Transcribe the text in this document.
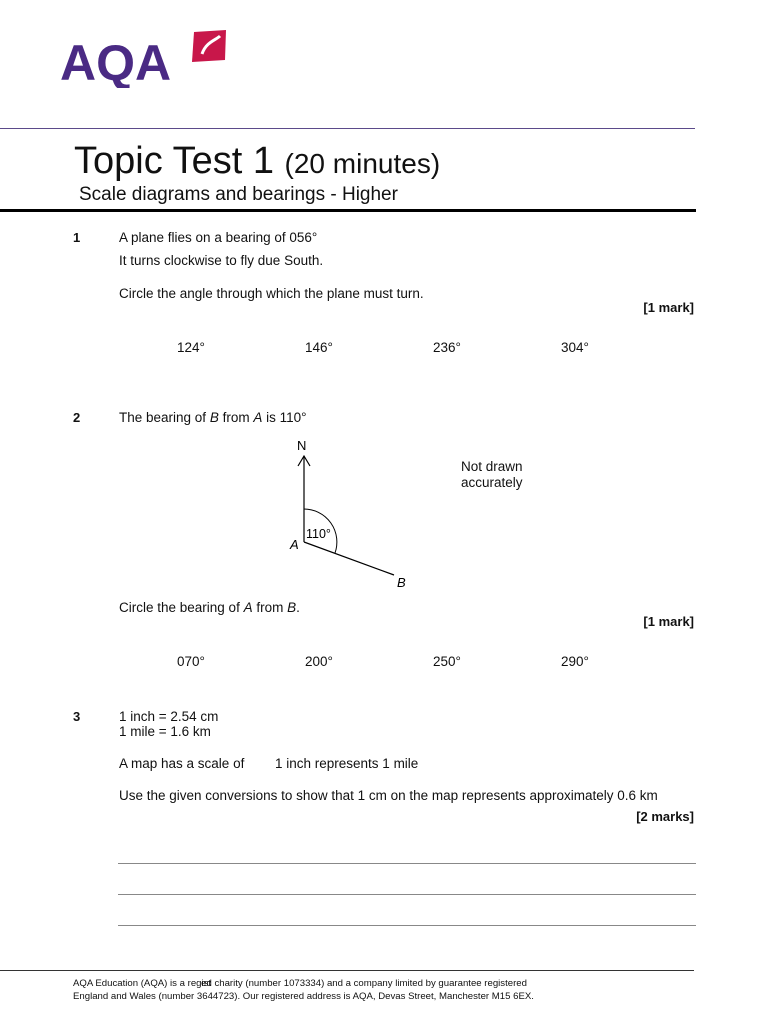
AQA
Topic Test 1 (20 minutes)
Scale diagrams and bearings - Higher
1	A plane flies on a bearing of 056°
It turns clockwise to fly due South.
Circle the angle through which the plane must turn.
[1 mark]
124°	146°	236°	304°
2	The bearing of B from A is 110°
N
A
B
110°
Not drawn
accurately
Circle the bearing of A from B.
[1 mark]
070°	200°	250°	290°
3	1 inch = 2.54 cm
1 mile = 1.6 km
A map has a scale of 1 inch represents 1 mile
Use the given conversions to show that 1 cm on the map represents approximately 0.6 km
[2 marks]
AQA Education (AQA) is a registed charity (number 1073334) and a company limited by guarantee registered
England and Wales (number 3644723). Our registered address is AQA, Devas Street, Manchester M15 6EX.
